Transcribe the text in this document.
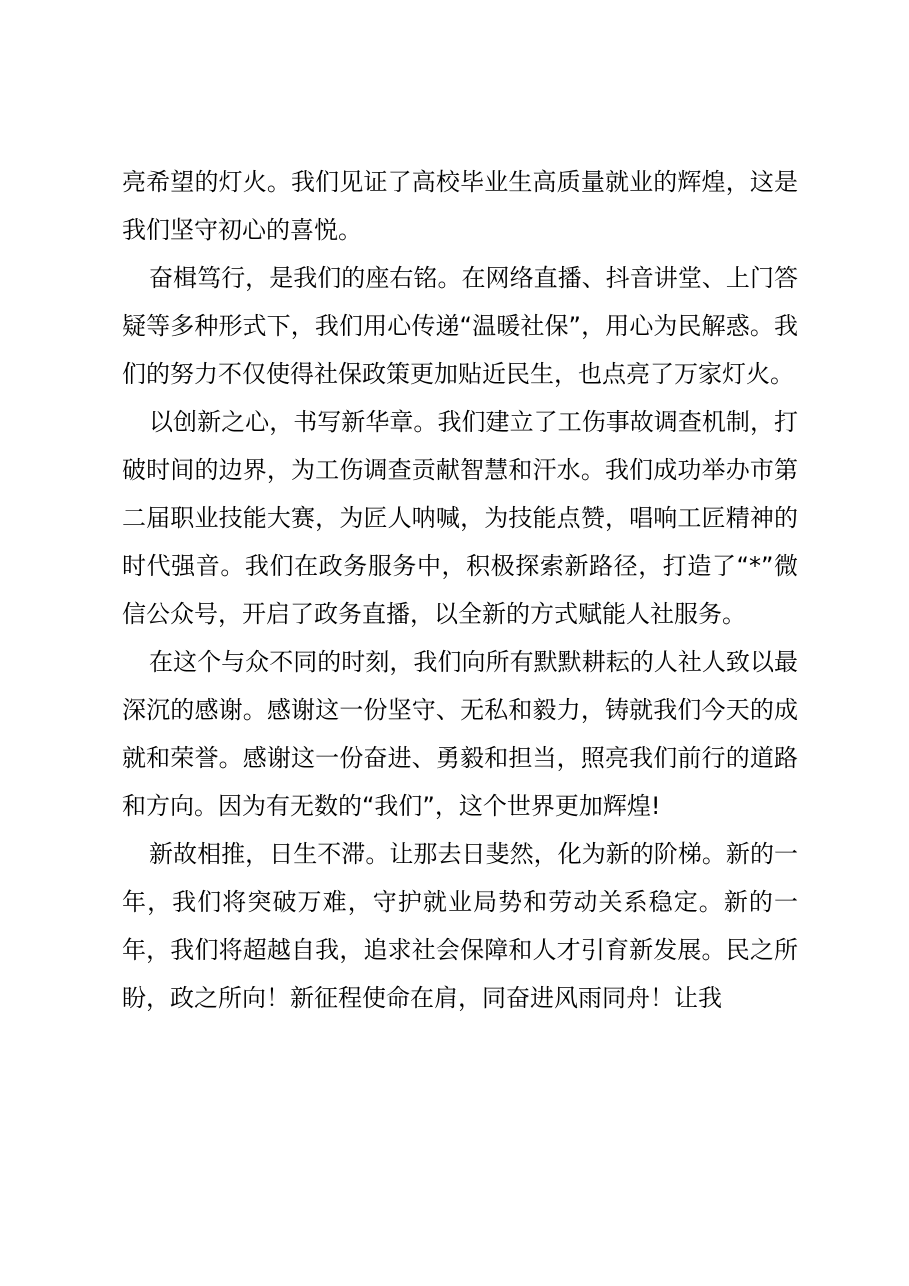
亮希望的灯火。我们见证了高校毕业生高质量就业的辉煌，这是我们坚守初心的喜悦。

奋楫笃行，是我们的座右铭。在网络直播、抖音讲堂、上门答疑等多种形式下，我们用心传递“温暖社保”，用心为民解惑。我们的努力不仅使得社保政策更加贴近民生，也点亮了万家灯火。

以创新之心，书写新华章。我们建立了工伤事故调查机制，打破时间的边界，为工伤调查贡献智慧和汗水。我们成功举办市第二届职业技能大赛，为匠人呐喊，为技能点赞，唱响工匠精神的时代强音。我们在政务服务中，积极探索新路径，打造了“*”微信公众号，开启了政务直播，以全新的方式赋能人社服务。

在这个与众不同的时刻，我们向所有默默耕耘的人社人致以最深沉的感谢。感谢这一份坚守、无私和毅力，铸就我们今天的成就和荣誉。感谢这一份奋进、勇毅和担当，照亮我们前行的道路和方向。因为有无数的“我们”，这个世界更加辉煌!

新故相推，日生不滞。让那去日斐然，化为新的阶梯。新的一年，我们将突破万难，守护就业局势和劳动关系稳定。新的一年，我们将超越自我，追求社会保障和人才引育新发展。民之所盼，政之所向！新征程使命在肩，同奋进风雨同舟！让我
